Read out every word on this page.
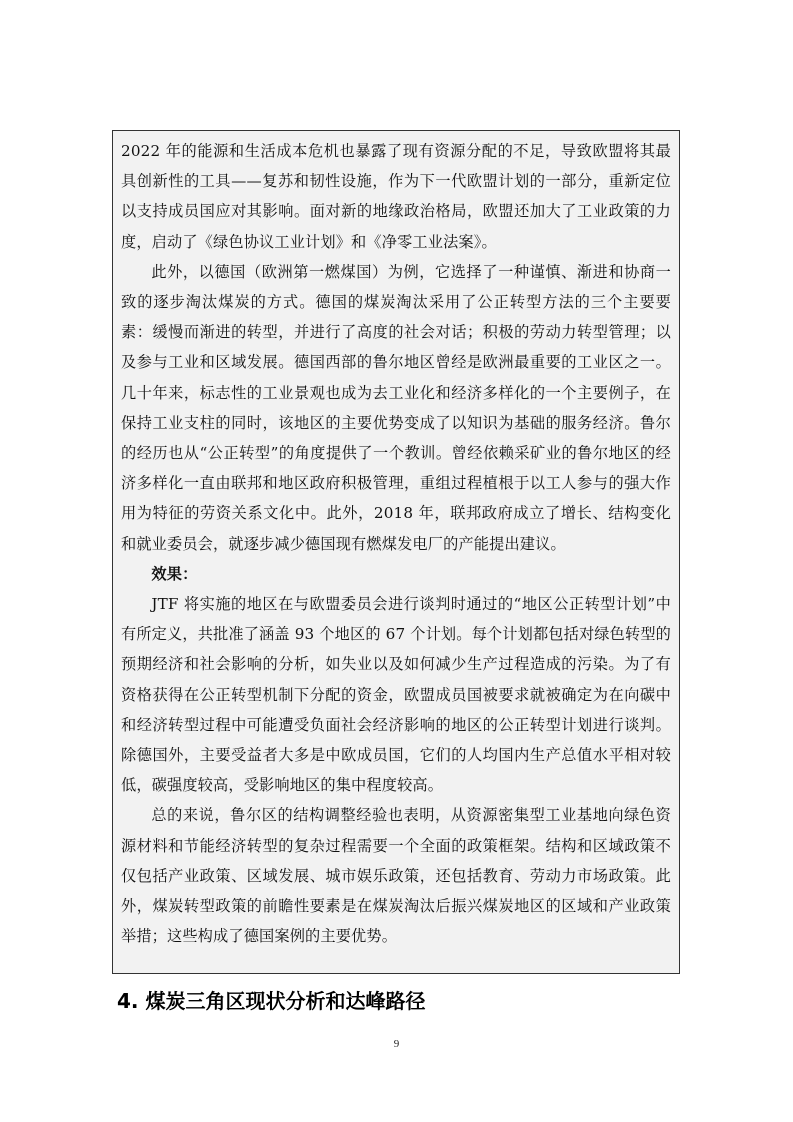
2022 年的能源和生活成本危机也暴露了现有资源分配的不足，导致欧盟将其最具创新性的工具——复苏和韧性设施，作为下一代欧盟计划的一部分，重新定位以支持成员国应对其影响。面对新的地缘政治格局，欧盟还加大了工业政策的力度，启动了《绿色协议工业计划》和《净零工业法案》。

此外，以德国（欧洲第一燃煤国）为例，它选择了一种谨慎、渐进和协商一致的逐步淘汰煤炭的方式。德国的煤炭淘汰采用了公正转型方法的三个主要要素：缓慢而渐进的转型，并进行了高度的社会对话；积极的劳动力转型管理；以及参与工业和区域发展。德国西部的鲁尔地区曾经是欧洲最重要的工业区之一。几十年来，标志性的工业景观也成为去工业化和经济多样化的一个主要例子，在保持工业支柱的同时，该地区的主要优势变成了以知识为基础的服务经济。鲁尔的经历也从“公正转型”的角度提供了一个教训。曾经依赖采矿业的鲁尔地区的经济多样化一直由联邦和地区政府积极管理，重组过程植根于以工人参与的强大作用为特征的劳资关系文化中。此外，2018 年，联邦政府成立了增长、结构变化和就业委员会，就逐步减少德国现有燃煤发电厂的产能提出建议。

效果：

JTF 将实施的地区在与欧盟委员会进行谈判时通过的“地区公正转型计划”中有所定义，共批准了涵盖 93 个地区的 67 个计划。每个计划都包括对绿色转型的预期经济和社会影响的分析，如失业以及如何减少生产过程造成的污染。为了有资格获得在公正转型机制下分配的资金，欧盟成员国被要求就被确定为在向碳中和经济转型过程中可能遭受负面社会经济影响的地区的公正转型计划进行谈判。除德国外，主要受益者大多是中欧成员国，它们的人均国内生产总值水平相对较低，碳强度较高，受影响地区的集中程度较高。

总的来说，鲁尔区的结构调整经验也表明，从资源密集型工业基地向绿色资源材料和节能经济转型的复杂过程需要一个全面的政策框架。结构和区域政策不仅包括产业政策、区域发展、城市娱乐政策，还包括教育、劳动力市场政策。此外，煤炭转型政策的前瞻性要素是在煤炭淘汰后振兴煤炭地区的区域和产业政策举措；这些构成了德国案例的主要优势。

4. 煤炭三角区现状分析和达峰路径
9
